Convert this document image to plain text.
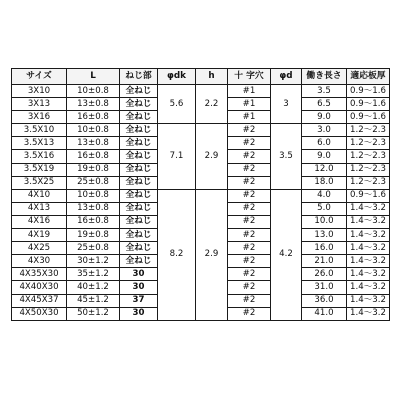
サイズ	L	ねじ部	φdk	h	十 字穴	φd	働き長さ	適応板厚
3X10	10±0.8	全ねじ	5.6	2.2	#1	3	3.5	0.9～1.6
3X13	13±0.8	全ねじ			#1		6.5	0.9～1.6
3X16	16±0.8	全ねじ			#1		9.0	0.9～1.6
3.5X10	10±0.8	全ねじ	7.1	2.9	#2	3.5	3.0	1.2～2.3
3.5X13	13±0.8	全ねじ			#2		6.0	1.2～2.3
3.5X16	16±0.8	全ねじ			#2		9.0	1.2～2.3
3.5X19	19±0.8	全ねじ			#2		12.0	1.2～2.3
3.5X25	25±0.8	全ねじ			#2		18.0	1.2～2.3
4X10	10±0.8	全ねじ	8.2	2.9	#2	4.2	4.0	0.9～1.6
4X13	13±0.8	全ねじ			#2		5.0	1.4～3.2
4X16	16±0.8	全ねじ			#2		10.0	1.4～3.2
4X19	19±0.8	全ねじ			#2		13.0	1.4～3.2
4X25	25±0.8	全ねじ			#2		16.0	1.4～3.2
4X30	30±1.2	全ねじ			#2		21.0	1.4～3.2
4X35X30	35±1.2	30			#2		26.0	1.4～3.2
4X40X30	40±1.2	30			#2		31.0	1.4～3.2
4X45X37	45±1.2	37			#2		36.0	1.4～3.2
4X50X30	50±1.2	30			#2		41.0	1.4～3.2
